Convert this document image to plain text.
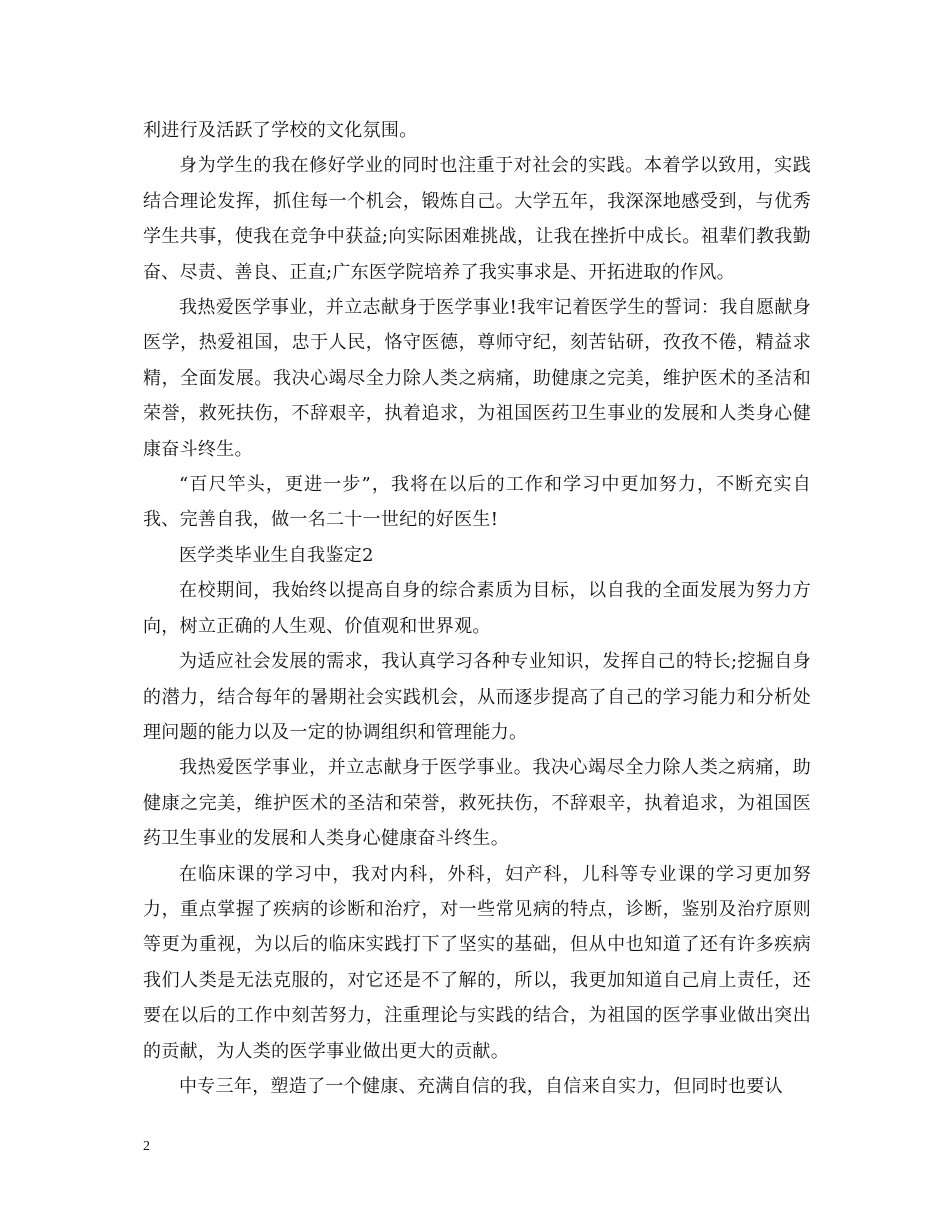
利进行及活跃了学校的文化氛围。

身为学生的我在修好学业的同时也注重于对社会的实践。本着学以致用，实践结合理论发挥，抓住每一个机会，锻炼自己。大学五年，我深深地感受到，与优秀学生共事，使我在竞争中获益;向实际困难挑战，让我在挫折中成长。祖辈们教我勤奋、尽责、善良、正直;广东医学院培养了我实事求是、开拓进取的作风。

我热爱医学事业，并立志献身于医学事业!我牢记着医学生的誓词：我自愿献身医学，热爱祖国，忠于人民，恪守医德，尊师守纪，刻苦钻研，孜孜不倦，精益求精，全面发展。我决心竭尽全力除人类之病痛，助健康之完美，维护医术的圣洁和荣誉，救死扶伤，不辞艰辛，执着追求，为祖国医药卫生事业的发展和人类身心健康奋斗终生。

“百尺竿头，更进一步”，我将在以后的工作和学习中更加努力，不断充实自我、完善自我，做一名二十一世纪的好医生!

医学类毕业生自我鉴定2

在校期间，我始终以提高自身的综合素质为目标，以自我的全面发展为努力方向，树立正确的人生观、价值观和世界观。

为适应社会发展的需求，我认真学习各种专业知识，发挥自己的特长;挖掘自身的潜力，结合每年的暑期社会实践机会，从而逐步提高了自己的学习能力和分析处理问题的能力以及一定的协调组织和管理能力。

我热爱医学事业，并立志献身于医学事业。我决心竭尽全力除人类之病痛，助健康之完美，维护医术的圣洁和荣誉，救死扶伤，不辞艰辛，执着追求，为祖国医药卫生事业的发展和人类身心健康奋斗终生。

在临床课的学习中，我对内科，外科，妇产科，儿科等专业课的学习更加努力，重点掌握了疾病的诊断和治疗，对一些常见病的特点，诊断，鉴别及治疗原则等更为重视，为以后的临床实践打下了坚实的基础，但从中也知道了还有许多疾病我们人类是无法克服的，对它还是不了解的，所以，我更加知道自己肩上责任，还要在以后的工作中刻苦努力，注重理论与实践的结合，为祖国的医学事业做出突出的贡献，为人类的医学事业做出更大的贡献。

中专三年，塑造了一个健康、充满自信的我，自信来自实力，但同时也要认

2
